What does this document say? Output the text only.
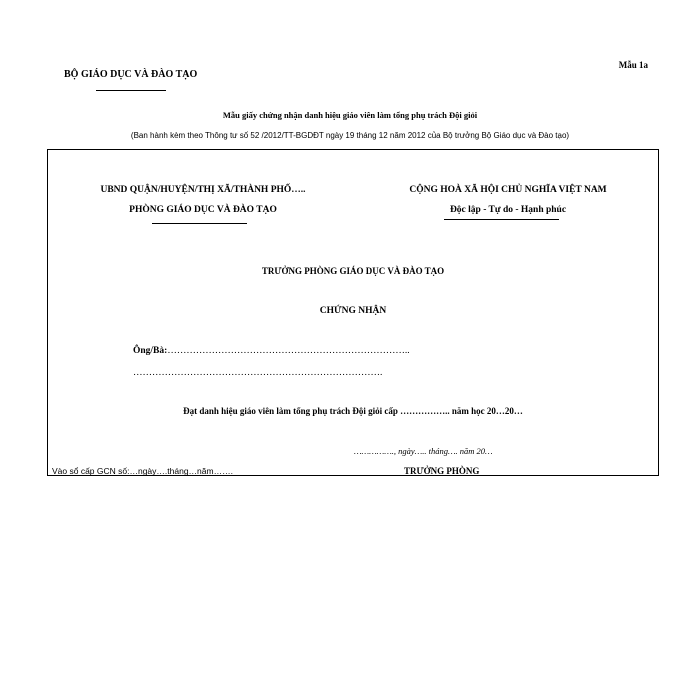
Mẫu 1a
BỘ GIÁO DỤC VÀ ĐÀO TẠO
Mẫu giấy chứng nhận danh hiệu giáo viên làm tổng phụ trách Đội giỏi
(Ban hành kèm theo Thông tư số 52 /2012/TT-BGDĐT ngày 19 tháng 12 năm 2012 của Bộ trưởng Bộ Giáo dục và Đào tạo)
UBND QUẬN/HUYỆN/THỊ XÃ/THÀNH PHỐ…..
PHÒNG GIÁO DỤC VÀ ĐÀO TẠO
CỘNG HOÀ XÃ HỘI CHỦ NGHĨA VIỆT NAM
Độc lập - Tự do - Hạnh phúc
TRƯỞNG PHÒNG GIÁO DỤC VÀ ĐÀO TẠO
CHỨNG NHẬN
Ông/Bà:…………………………………………………………………..
…………………………………………………………………….
Đạt danh hiệu giáo viên làm tổng phụ trách Đội giỏi cấp …………….. năm học 20…20…
……………., ngày….. tháng…. năm 20…
Vào sổ cấp GCN số:…ngày….tháng…năm…….	TRƯỞNG PHÒNG
